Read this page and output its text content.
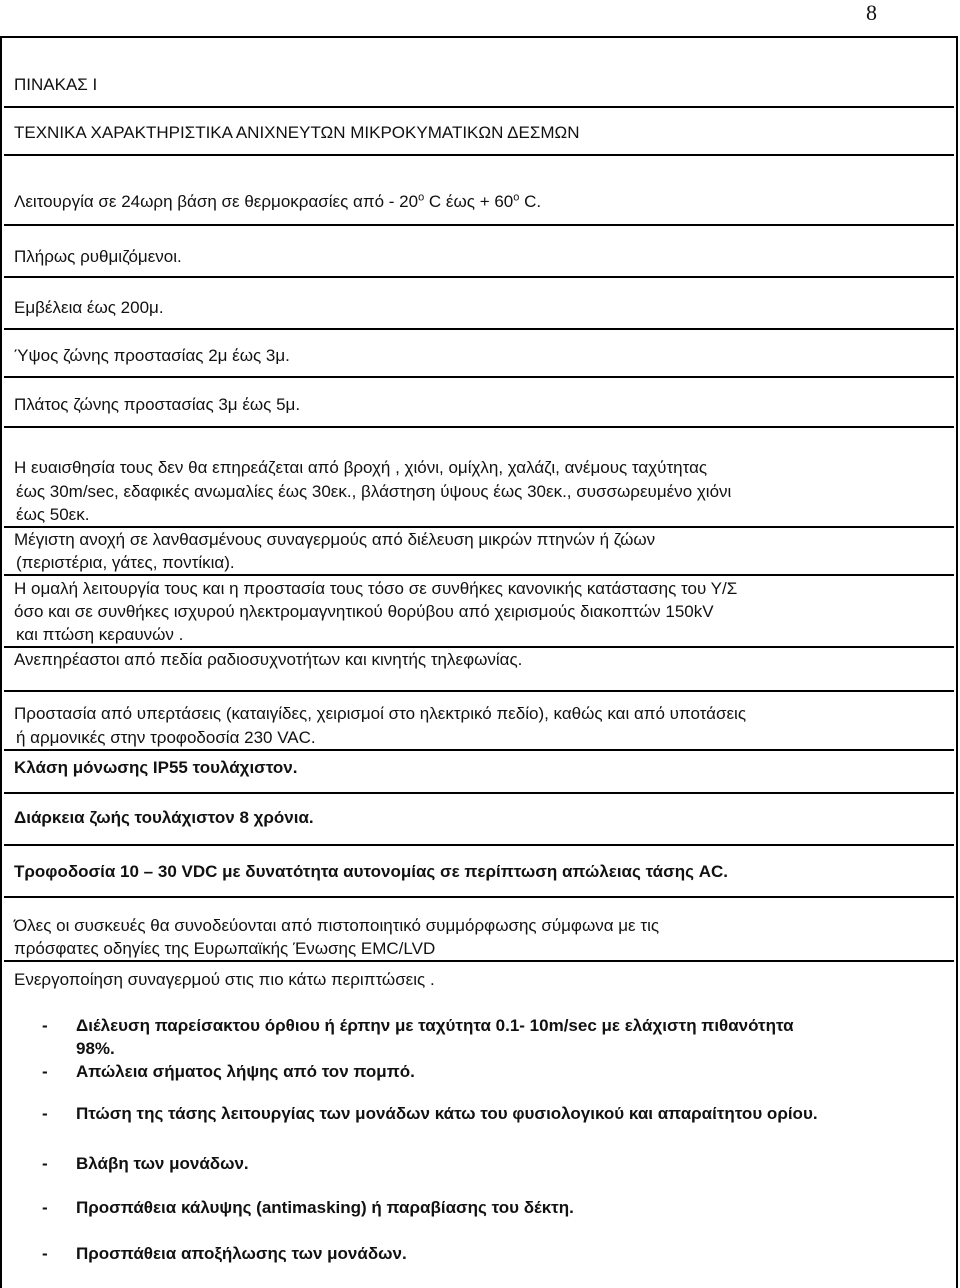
8
ΠΙΝΑΚΑΣ Ι
ΤΕΧΝΙΚΑ ΧΑΡΑΚΤΗΡΙΣΤΙΚΑ ΑΝΙΧΝΕΥΤΩΝ ΜΙΚΡΟΚΥΜΑΤΙΚΩΝ ΔΕΣΜΩΝ
Λειτουργία σε 24ωρη βάση σε θερμοκρασίες από - $20^o$ C $έ\omega\varsigma + 60^o$ C.
Πλήρως ρυθμιζόμενοι.
Εμβέλεια έως 200μ.
Ύψος ζώνης προστασίας 2μ έως 3μ.
Πλάτος ζώνης προστασίας 3μ έως 5μ.
Η ευαισθησία τους δεν θα επηρεάζεται από βροχή , χιόνι, ομίχλη, χαλάζι, ανέμους ταχύτητας
έως 30m/sec, εδαφικές ανωμαλίες έως 30εκ., βλάστηση ύψους έως 30εκ., συσσωρευμένο χιόνι
έως 50εκ.
Μέγιστη ανοχή σε λανθασμένους συναγερμούς από διέλευση μικρών πτηνών ή ζώων
(περιστέρια, γάτες, ποντίκια).
Η ομαλή λειτουργία τους και η προστασία τους τόσο σε συνθήκες κανονικής κατάστασης του Υ/Σ
όσο και σε συνθήκες ισχυρού ηλεκτρομαγνητικού θορύβου από χειρισμούς διακοπτών 150kV
και πτώση κεραυνών .
Ανεπηρέαστοι από πεδία ραδιοσυχνοτήτων και κινητής τηλεφωνίας.
Προστασία από υπερτάσεις (καταιγίδες, χειρισμοί στο ηλεκτρικό πεδίο), καθώς και από υποτάσεις
ή αρμονικές στην τροφοδοσία 230 VAC.
Κλάση μόνωσης IP55 τουλάχιστον.
Διάρκεια ζωής τουλάχιστον 8 χρόνια.
Τροφοδοσία 10 – 30 VDC με δυνατότητα αυτονομίας σε περίπτωση απώλειας τάσης AC.
Όλες οι συσκευές θα συνοδεύονται από πιστοποιητικό συμμόρφωσης σύμφωνα με τις
πρόσφατες οδηγίες της Ευρωπαϊκής Ένωσης EMC/LVD
Ενεργοποίηση συναγερμού στις πιο κάτω περιπτώσεις .
- Διέλευση παρείσακτου όρθιου ή έρπην με ταχύτητα 0.1- 10m/sec με ελάχιστη πιθανότητα
98%.
- Απώλεια σήματος λήψης από τον πομπό.
- Πτώση της τάσης λειτουργίας των μονάδων κάτω του φυσιολογικού και απαραίτητου ορίου.
- Βλάβη των μονάδων.
- Προσπάθεια κάλυψης (antimasking) ή παραβίασης του δέκτη.
- Προσπάθεια αποξήλωσης των μονάδων.
